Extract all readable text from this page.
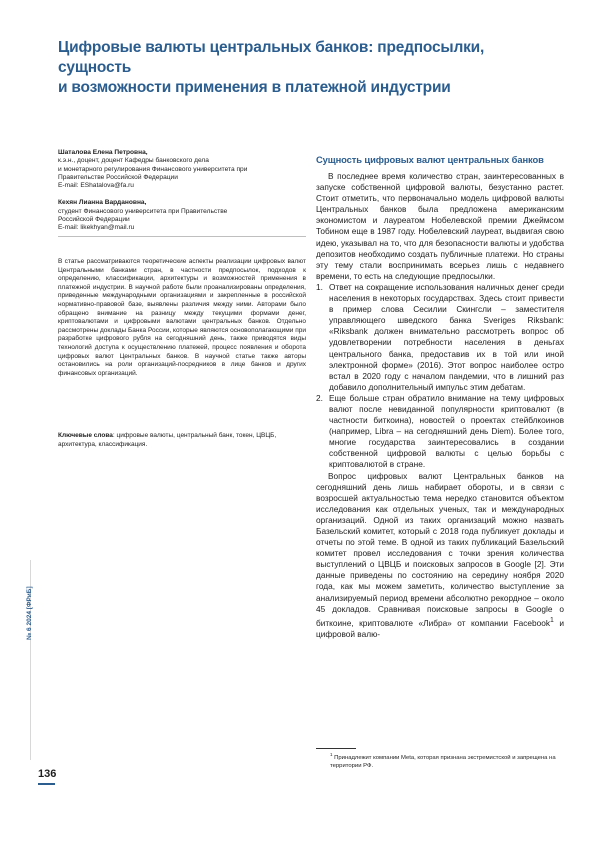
Цифровые валюты центральных банков: предпосылки, сущность
и возможности применения в платежной индустрии
Шаталова Елена Петровна,
к.э.н., доцент, доцент Кафедры банковского дела
и монетарного регулирования Финансового университета при
Правительстве Российской Федерации
E-mail: EShatalova@fa.ru
Кехян Лианна Вардановна,
студент Финансового университета при Правительстве
Российской Федерации
E-mail: likekhyan@mail.ru

В статье рассматриваются теоретические аспекты реализации цифровых валют Центральными банками стран, в частности предпосылок, подходов к определению, классификации, архитектуры и возможностей применения в платежной индустрии. В научной работе были проанализированы определения, приведенные международными организациями и закрепленные в российской нормативно-правовой базе, выявлены различия между ними. Авторами было обращено внимание на разницу между текущими формами денег, криптовалютами и цифровыми валютами центральных банков. Отдельно рассмотрены доклады Банка России, которые являются основополагающими при разработке цифрового рубля на сегодняшний день, также приводятся виды технологий доступа к осуществлению платежей, процесс появления и оборота цифровых валют Центральных банков. В научной статье также авторы остановились на роли организаций-посредников в лице банков и других финансовых организаций.

Ключевые слова: цифровые валюты, центральный банк, токен, ЦВЦБ, архитектура, классификация.

Сущность цифровых валют центральных банков

В последнее время количество стран, заинтересованных в запуске собственной цифровой валюты, безустанно растет. Стоит отметить, что первоначально модель цифровой валюты Центральных банков была предложена американским экономистом и лауреатом Нобелевской премии Джеймсом Тобином еще в 1987 году. Нобелевский лауреат, выдвигая свою идею, указывал на то, что для безопасности валюты и удобства депозитов необходимо создать публичные платежи. Но страны эту тему стали воспринимать всерьез лишь с недавнего времени, то есть на следующие предпосылки.

1. Ответ на сокращение использования наличных денег среди населения в некоторых государствах. Здесь стоит привести в пример слова Сесилии Скингсли – заместителя управляющего шведского банка Sveriges Riksbank: «Riksbank должен внимательно рассмотреть вопрос об удовлетворении потребности населения в деньгах центрального банка, предоставив их в той или иной электронной форме» (2016). Этот вопрос наиболее остро встал в 2020 году с началом пандемии, что в лишний раз добавило дополнительный импульс этим дебатам.
2. Еще больше стран обратило внимание на тему цифровых валют после невиданной популярности криптовалют (в частности биткоина), новостей о проектах стейблкоинов (например, Libra – на сегодняшний день Diem). Более того, многие государства заинтересовались в создании собственной цифровой валюты с целью борьбы с криптовалютой в стране.

Вопрос цифровых валют Центральных банков на сегодняшний день лишь набирает обороты, и в связи с возросшей актуальностью тема нередко становится объектом исследования как отдельных ученых, так и международных организаций. Одной из таких организаций можно назвать Базельский комитет, который с 2018 года публикует доклады и отчеты по этой теме. В одной из таких публикаций Базельский комитет провел исследования с точки зрения количества выступлений о ЦВЦБ и поисковых запросов в Google [2]. Эти данные приведены по состоянию на середину ноября 2020 года, как мы можем заметить, количество выступление за анализируемый период времени абсолютно рекордное – около 45 докладов. Сравнивая поисковые запросы в Google о биткоине, криптовалюте «Либра» от компании Facebook$^1$ и цифровой валю-

$^1$ Принадлежит компании Meta, которая признана экстремистской и запрещена на территории РФ.

№ 6 2024 [ФРиБ]
136
